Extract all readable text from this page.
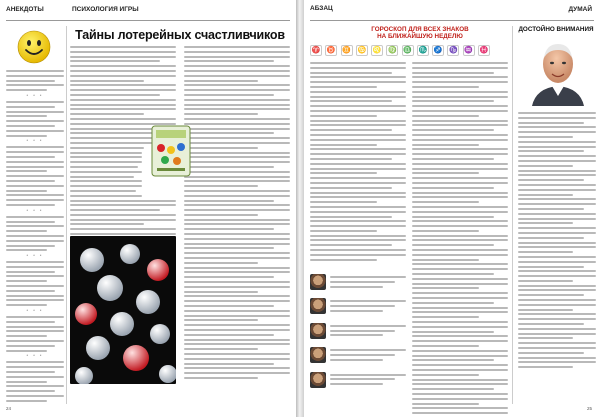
АНЕКДОТЫ	ПСИХОЛОГИЯ ИГРЫ
* * *
* * *
* * *
* * *
* * *
* * *
Тайны лотерейных счастливчиков
24
АБЗАЦ	ДУМАЙ
ГОРОСКОП ДЛЯ ВСЕХ ЗНАКОВ
НА БЛИЖАЙШУЮ НЕДЕЛЮ
♈ ♉ ♊ ♋ ♌ ♍ ♎ ♏ ♐ ♑ ♒ ♓
ДОСТОЙНО ВНИМАНИЯ
25
